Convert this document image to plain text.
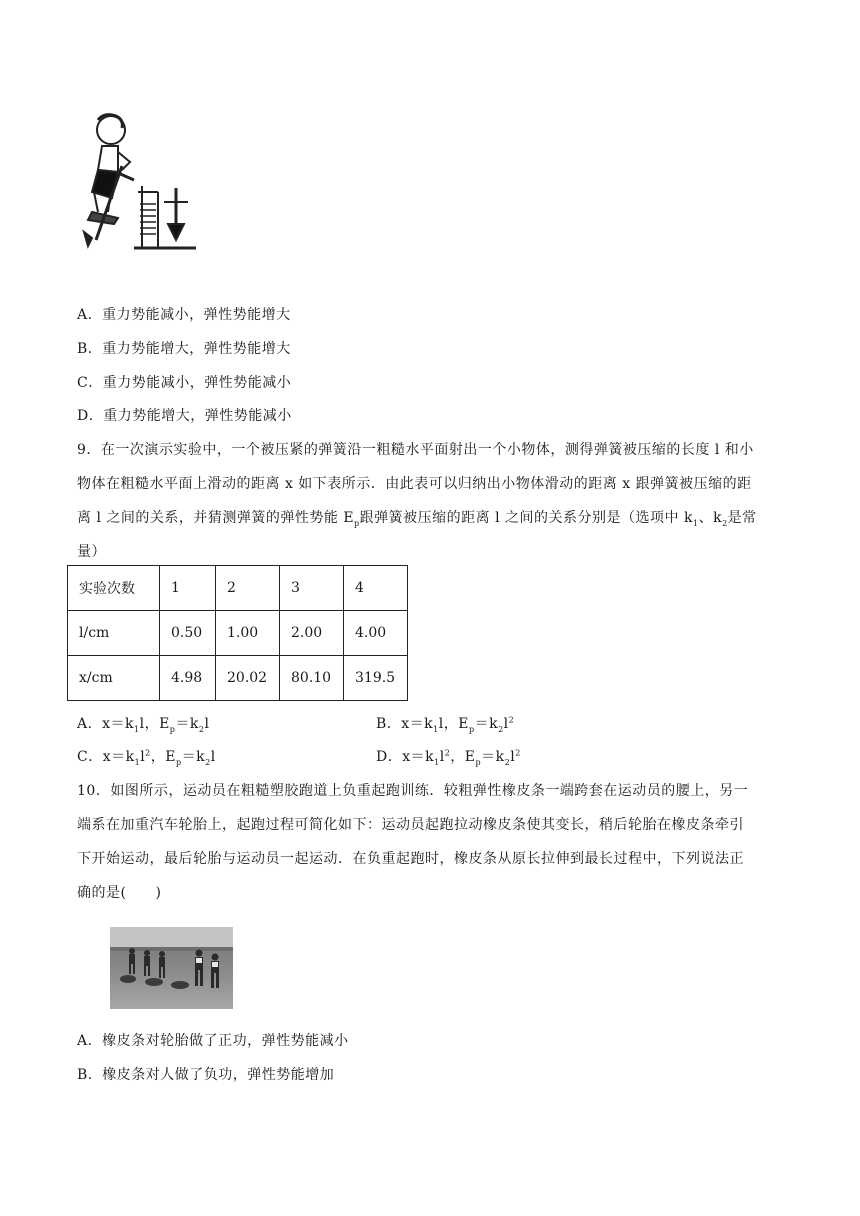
A．重力势能减小，弹性势能增大
B．重力势能增大，弹性势能增大
C．重力势能减小，弹性势能减小
D．重力势能增大，弹性势能减小
9．在一次演示实验中，一个被压紧的弹簧沿一粗糙水平面射出一个小物体，测得弹簧被压缩的长度 l 和小
物体在粗糙水平面上滑动的距离 x 如下表所示．由此表可以归纳出小物体滑动的距离 x 跟弹簧被压缩的距
离 l 之间的关系，并猜测弹簧的弹性势能 $E_p$跟弹簧被压缩的距离 l 之间的关系分别是（选项中 $k_1$、$k_2$是常
量）
实验次数	1	2	3	4
l/cm	0.50	1.00	2.00	4.00
x/cm	4.98	20.02	80.10	319.5
A．$x=k_1l$，$E_p=k_2l$	B．$x=k_1l$，$E_p=k_2l^2$
C．$x=k_1l^2$，$E_p=k_2l$	D．$x=k_1l^2$，$E_p=k_2l^2$
10．如图所示，运动员在粗糙塑胶跑道上负重起跑训练．较粗弹性橡皮条一端跨套在运动员的腰上，另一
端系在加重汽车轮胎上，起跑过程可简化如下：运动员起跑拉动橡皮条使其变长，稍后轮胎在橡皮条牵引
下开始运动，最后轮胎与运动员一起运动．在负重起跑时，橡皮条从原长拉伸到最长过程中，下列说法正
确的是(　　)
A．橡皮条对轮胎做了正功，弹性势能减小
B．橡皮条对人做了负功，弹性势能增加
